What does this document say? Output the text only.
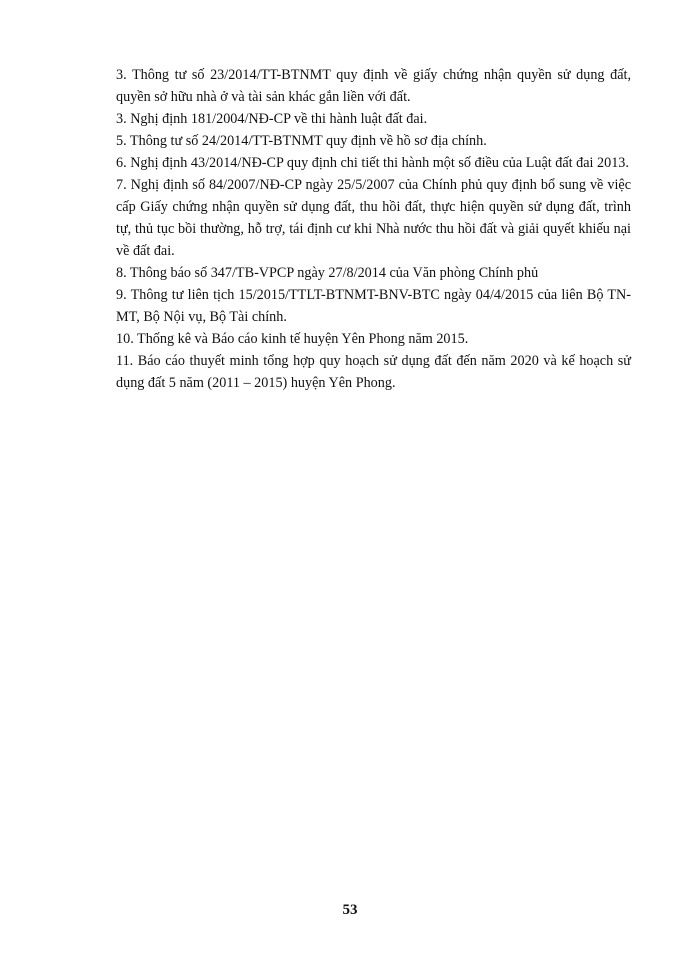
3. Thông tư số 23/2014/TT-BTNMT quy định về giấy chứng nhận quyền sử dụng đất, quyền sở hữu nhà ở và tài sản khác gắn liền với đất.
3. Nghị định 181/2004/NĐ-CP về thi hành luật đất đai.
5. Thông tư số 24/2014/TT-BTNMT quy định về hồ sơ địa chính.
6. Nghị định 43/2014/NĐ-CP quy định chi tiết thi hành một số điều của Luật đất đai 2013.
7. Nghị định số 84/2007/NĐ-CP ngày 25/5/2007 của Chính phủ quy định bổ sung về việc cấp Giấy chứng nhận quyền sử dụng đất, thu hồi đất, thực hiện quyền sử dụng đất, trình tự, thủ tục bồi thường, hỗ trợ, tái định cư khi Nhà nước thu hồi đất và giải quyết khiếu nại về đất đai.
8. Thông báo số 347/TB-VPCP ngày 27/8/2014 của Văn phòng Chính phủ
9. Thông tư liên tịch 15/2015/TTLT-BTNMT-BNV-BTC ngày 04/4/2015 của liên Bộ TN-MT, Bộ Nội vụ, Bộ Tài chính.
10. Thống kê và Báo cáo kinh tế huyện Yên Phong năm 2015.
11. Báo cáo thuyết minh tổng hợp quy hoạch sử dụng đất đến năm 2020 và kế hoạch sử dụng đất 5 năm (2011 – 2015) huyện Yên Phong.
53
